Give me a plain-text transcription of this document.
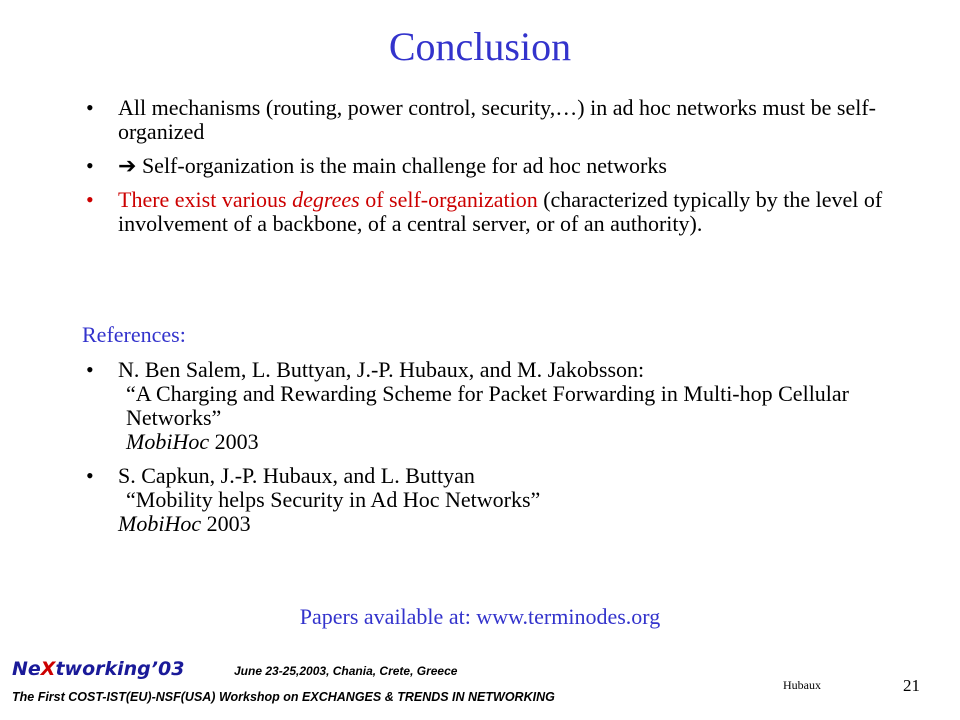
Conclusion
• All mechanisms (routing, power control, security,…) in ad hoc networks must be self-organized
• ➔ Self-organization is the main challenge for ad hoc networks
• There exist various degrees of self-organization (characterized typically by the level of involvement of a backbone, of a central server, or of an authority).
References:
• N. Ben Salem, L. Buttyan, J.-P. Hubaux, and M. Jakobsson:
“A Charging and Rewarding Scheme for Packet Forwarding in Multi-hop Cellular Networks”
MobiHoc 2003
• S. Capkun, J.-P. Hubaux, and L. Buttyan
“Mobility helps Security in Ad Hoc Networks”
MobiHoc 2003
Papers available at: www.terminodes.org
NeXtworking’03	June 23-25,2003, Chania, Crete, Greece
The First COST-IST(EU)-NSF(USA) Workshop on EXCHANGES & TRENDS IN NETWORKING
Hubaux	21
